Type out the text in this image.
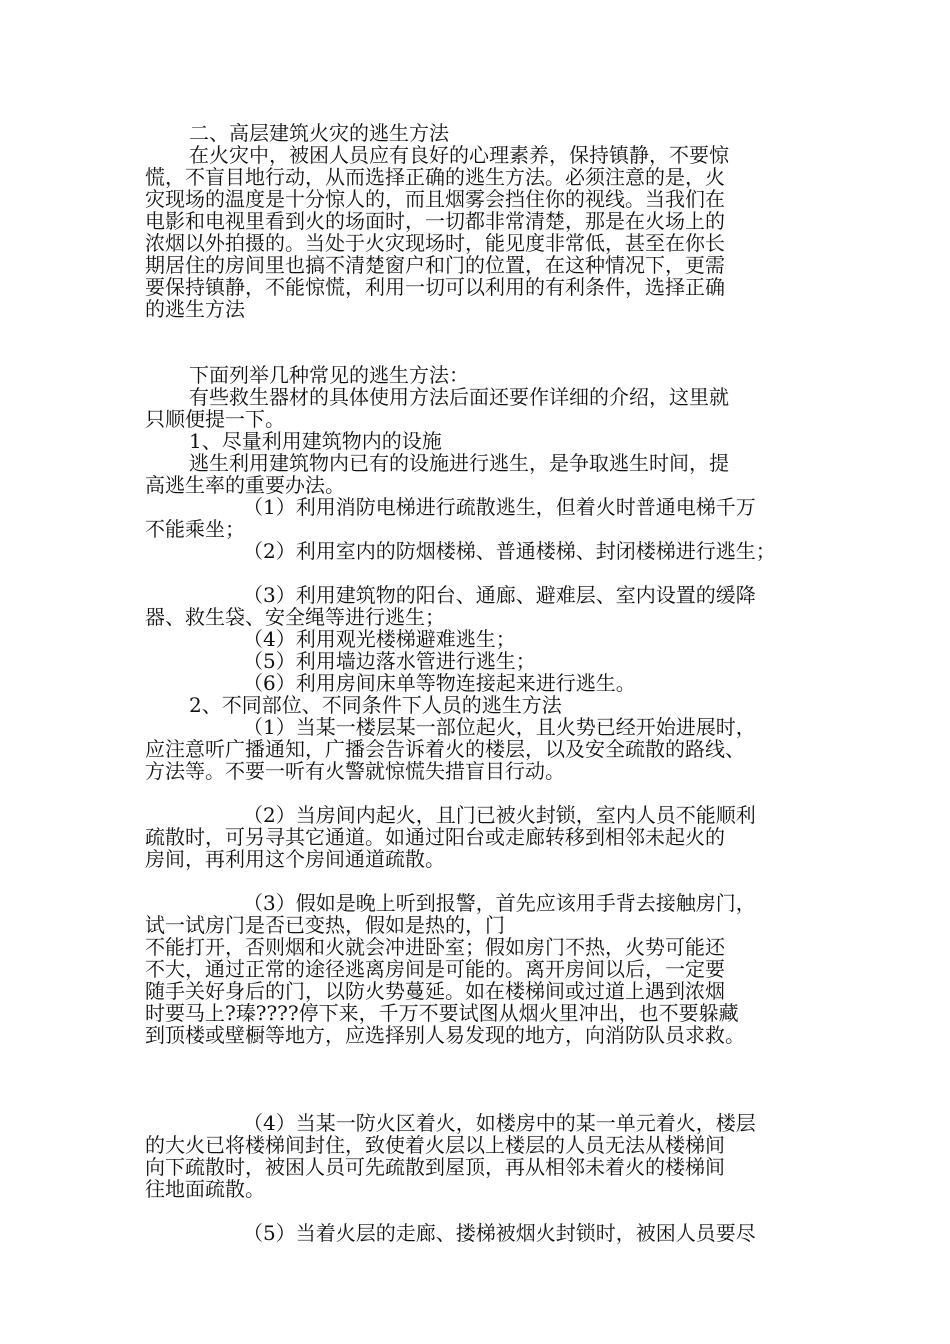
二、高层建筑火灾的逃生方法
在火灾中，被困人员应有良好的心理素养，保持镇静，不要惊
慌，不盲目地行动，从而选择正确的逃生方法。必须注意的是，火
灾现场的温度是十分惊人的，而且烟雾会挡住你的视线。当我们在
电影和电视里看到火的场面时，一切都非常清楚，那是在火场上的
浓烟以外拍摄的。当处于火灾现场时，能见度非常低，甚至在你长
期居住的房间里也搞不清楚窗户和门的位置，在这种情况下，更需
要保持镇静，不能惊慌，利用一切可以利用的有利条件，选择正确
的逃生方法
下面列举几种常见的逃生方法：
有些救生器材的具体使用方法后面还要作详细的介绍，这里就
只顺便提一下。
1、尽量利用建筑物内的设施
逃生利用建筑物内已有的设施进行逃生，是争取逃生时间，提
高逃生率的重要办法。
（1）利用消防电梯进行疏散逃生，但着火时普通电梯千万
不能乘坐；
（2）利用室内的防烟楼梯、普通楼梯、封闭楼梯进行逃生；
（3）利用建筑物的阳台、通廊、避难层、室内设置的缓降
器、救生袋、安全绳等进行逃生；
（4）利用观光楼梯避难逃生；
（5）利用墙边落水管进行逃生；
（6）利用房间床单等物连接起来进行逃生。
2、不同部位、不同条件下人员的逃生方法
（1）当某一楼层某一部位起火，且火势已经开始进展时，
应注意听广播通知，广播会告诉着火的楼层，以及安全疏散的路线、
方法等。不要一听有火警就惊慌失措盲目行动。
（2）当房间内起火，且门已被火封锁，室内人员不能顺利
疏散时，可另寻其它通道。如通过阳台或走廊转移到相邻未起火的
房间，再利用这个房间通道疏散。
（3）假如是晚上听到报警，首先应该用手背去接触房门，
试一试房门是否已变热，假如是热的，门
不能打开，否则烟和火就会冲进卧室；假如房门不热，火势可能还
不大，通过正常的途径逃离房间是可能的。离开房间以后，一定要
随手关好身后的门，以防火势蔓延。如在楼梯间或过道上遇到浓烟
时要马上?瑧????停下来，千万不要试图从烟火里冲出，也不要躲藏
到顶楼或壁橱等地方，应选择别人易发现的地方，向消防队员求救。
（4）当某一防火区着火，如楼房中的某一单元着火，楼层
的大火已将楼梯间封住，致使着火层以上楼层的人员无法从楼梯间
向下疏散时，被困人员可先疏散到屋顶，再从相邻未着火的楼梯间
往地面疏散。
（5）当着火层的走廊、搂梯被烟火封锁时，被困人员要尽
